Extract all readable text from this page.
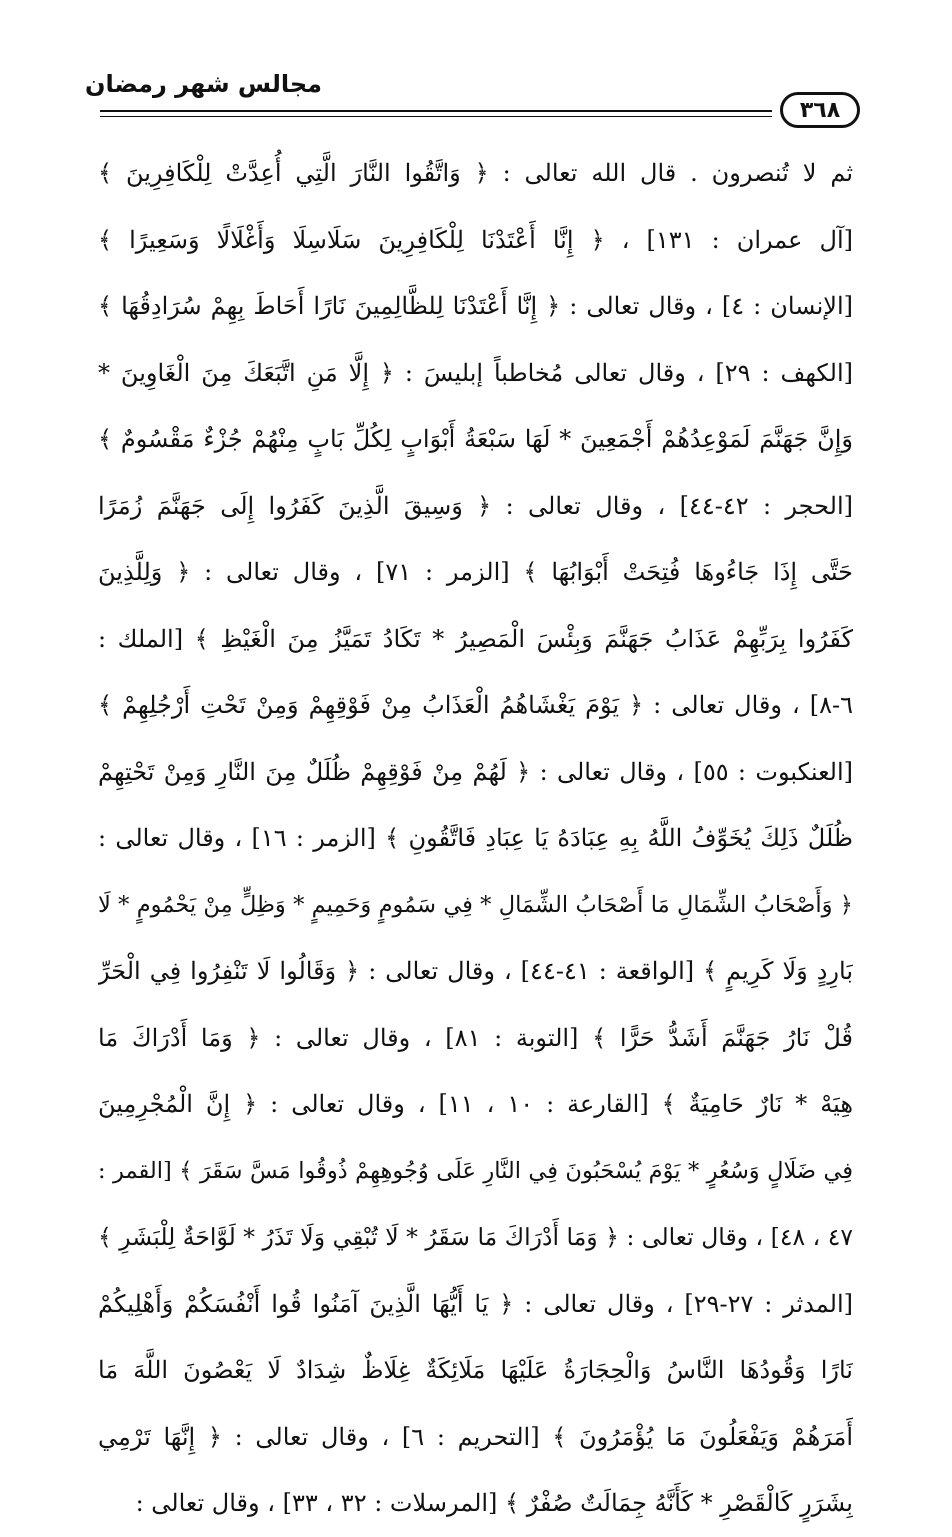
مجالس شهر رمضان
٣٦٨
ثم لا تُنصرون . قال الله تعالى : ﴿ وَاتَّقُوا النَّارَ الَّتِي أُعِدَّتْ لِلْكَافِرِينَ ﴾
[آل عمران : ١٣١] ، ﴿ إِنَّا أَعْتَدْنَا لِلْكَافِرِينَ سَلَاسِلَا وَأَغْلَالًا وَسَعِيرًا ﴾
[الإنسان : ٤] ، وقال تعالى : ﴿ إِنَّا أَعْتَدْنَا لِلظَّالِمِينَ نَارًا أَحَاطَ بِهِمْ سُرَادِقُهَا ﴾
[الكهف : ٢٩] ، وقال تعالى مُخاطباً إبليسَ : ﴿ إِلَّا مَنِ اتَّبَعَكَ مِنَ الْغَاوِينَ *
وَإِنَّ جَهَنَّمَ لَمَوْعِدُهُمْ أَجْمَعِينَ * لَهَا سَبْعَةُ أَبْوَابٍ لِكُلِّ بَابٍ مِنْهُمْ جُزْءٌ مَقْسُومٌ ﴾
[الحجر : ٤٢-٤٤] ، وقال تعالى : ﴿ وَسِيقَ الَّذِينَ كَفَرُوا إِلَى جَهَنَّمَ زُمَرًا
حَتَّى إِذَا جَاءُوهَا فُتِحَتْ أَبْوَابُهَا ﴾ [الزمر : ٧١] ، وقال تعالى : ﴿ وَلِلَّذِينَ
كَفَرُوا بِرَبِّهِمْ عَذَابُ جَهَنَّمَ وَبِئْسَ الْمَصِيرُ * تَكَادُ تَمَيَّزُ مِنَ الْغَيْظِ ﴾ [الملك :
٦-٨] ، وقال تعالى : ﴿ يَوْمَ يَغْشَاهُمُ الْعَذَابُ مِنْ فَوْقِهِمْ وَمِنْ تَحْتِ أَرْجُلِهِمْ ﴾
[العنكبوت : ٥٥] ، وقال تعالى : ﴿ لَهُمْ مِنْ فَوْقِهِمْ ظُلَلٌ مِنَ النَّارِ وَمِنْ تَحْتِهِمْ
ظُلَلٌ ذَلِكَ يُخَوِّفُ اللَّهُ بِهِ عِبَادَهُ يَا عِبَادِ فَاتَّقُونِ ﴾ [الزمر : ١٦] ، وقال تعالى :
﴿ وَأَصْحَابُ الشِّمَالِ مَا أَصْحَابُ الشِّمَالِ * فِي سَمُومٍ وَحَمِيمٍ * وَظِلٍّ مِنْ يَحْمُومٍ * لَا
بَارِدٍ وَلَا كَرِيمٍ ﴾ [الواقعة : ٤١-٤٤] ، وقال تعالى : ﴿ وَقَالُوا لَا تَنْفِرُوا فِي الْحَرِّ
قُلْ نَارُ جَهَنَّمَ أَشَدُّ حَرًّا ﴾ [التوبة : ٨١] ، وقال تعالى : ﴿ وَمَا أَدْرَاكَ مَا
هِيَهْ * نَارٌ حَامِيَةٌ ﴾ [القارعة : ١٠ ، ١١] ، وقال تعالى : ﴿ إِنَّ الْمُجْرِمِينَ
فِي ضَلَالٍ وَسُعُرٍ * يَوْمَ يُسْحَبُونَ فِي النَّارِ عَلَى وُجُوهِهِمْ ذُوقُوا مَسَّ سَقَرَ ﴾ [القمر :
٤٧ ، ٤٨] ، وقال تعالى : ﴿ وَمَا أَدْرَاكَ مَا سَقَرُ * لَا تُبْقِي وَلَا تَذَرُ * لَوَّاحَةٌ لِلْبَشَرِ ﴾
[المدثر : ٢٧-٢٩] ، وقال تعالى : ﴿ يَا أَيُّهَا الَّذِينَ آمَنُوا قُوا أَنْفُسَكُمْ وَأَهْلِيكُمْ
نَارًا وَقُودُهَا النَّاسُ وَالْحِجَارَةُ عَلَيْهَا مَلَائِكَةٌ غِلَاظٌ شِدَادٌ لَا يَعْصُونَ اللَّهَ مَا
أَمَرَهُمْ وَيَفْعَلُونَ مَا يُؤْمَرُونَ ﴾ [التحريم : ٦] ، وقال تعالى : ﴿ إِنَّهَا تَرْمِي
بِشَرَرٍ كَالْقَصْرِ * كَأَنَّهُ جِمَالَتٌ صُفْرٌ ﴾ [المرسلات : ٣٢ ، ٣٣] ، وقال تعالى :
